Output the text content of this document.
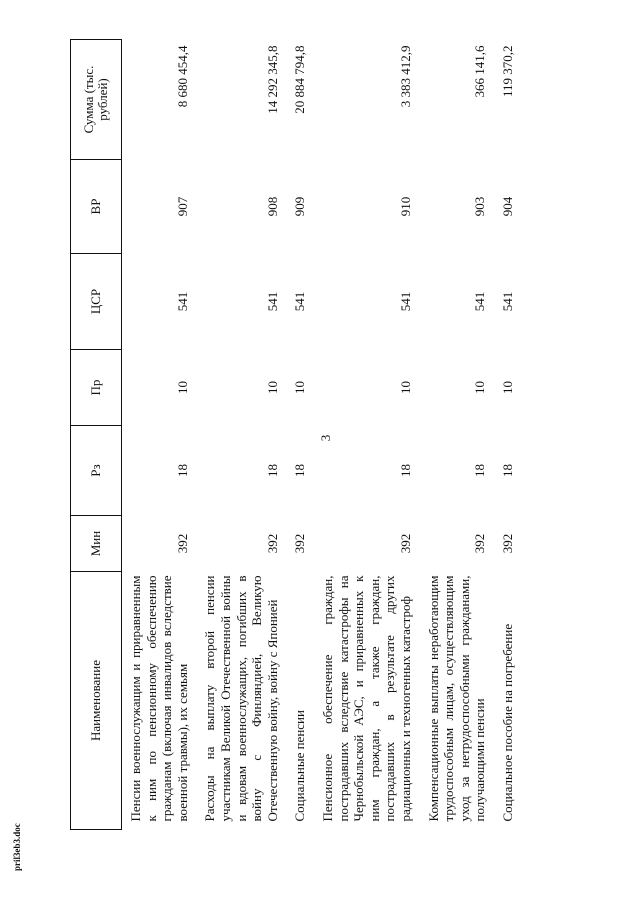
3
Наименование	Мин	Рз	Пр	ЦСР	ВР	Сумма (тыс. рублей)
Пенсии военнослужащим и приравненным к ним по пенсионному обеспечению гражданам (включая инвалидов вследствие военной травмы), их семьям	392	18	10	541	907	8 680 454,4
Расходы на выплату второй пенсии участникам Великой Отечественной войны и вдовам военнослужащих, погибших в войну с Финляндией, Великую Отечественную войну, войну с Японией	392	18	10	541	908	14 292 345,8
Социальные пенсии	392	18	10	541	909	20 884 794,8
Пенсионное обеспечение граждан, пострадавших вследствие катастрофы на Чернобыльской АЭС, и приравненных к ним граждан, а также граждан, пострадавших в результате других радиационных и техногенных катастроф	392	18	10	541	910	3 383 412,9
Компенсационные выплаты неработающим трудоспособным лицам, осуществляющим уход за нетрудоспособными гражданами, получающими пенсии	392	18	10	541	903	366 141,6
Социальное пособие на погребение	392	18	10	541	904	119 370,2
pril3eb3.doc
